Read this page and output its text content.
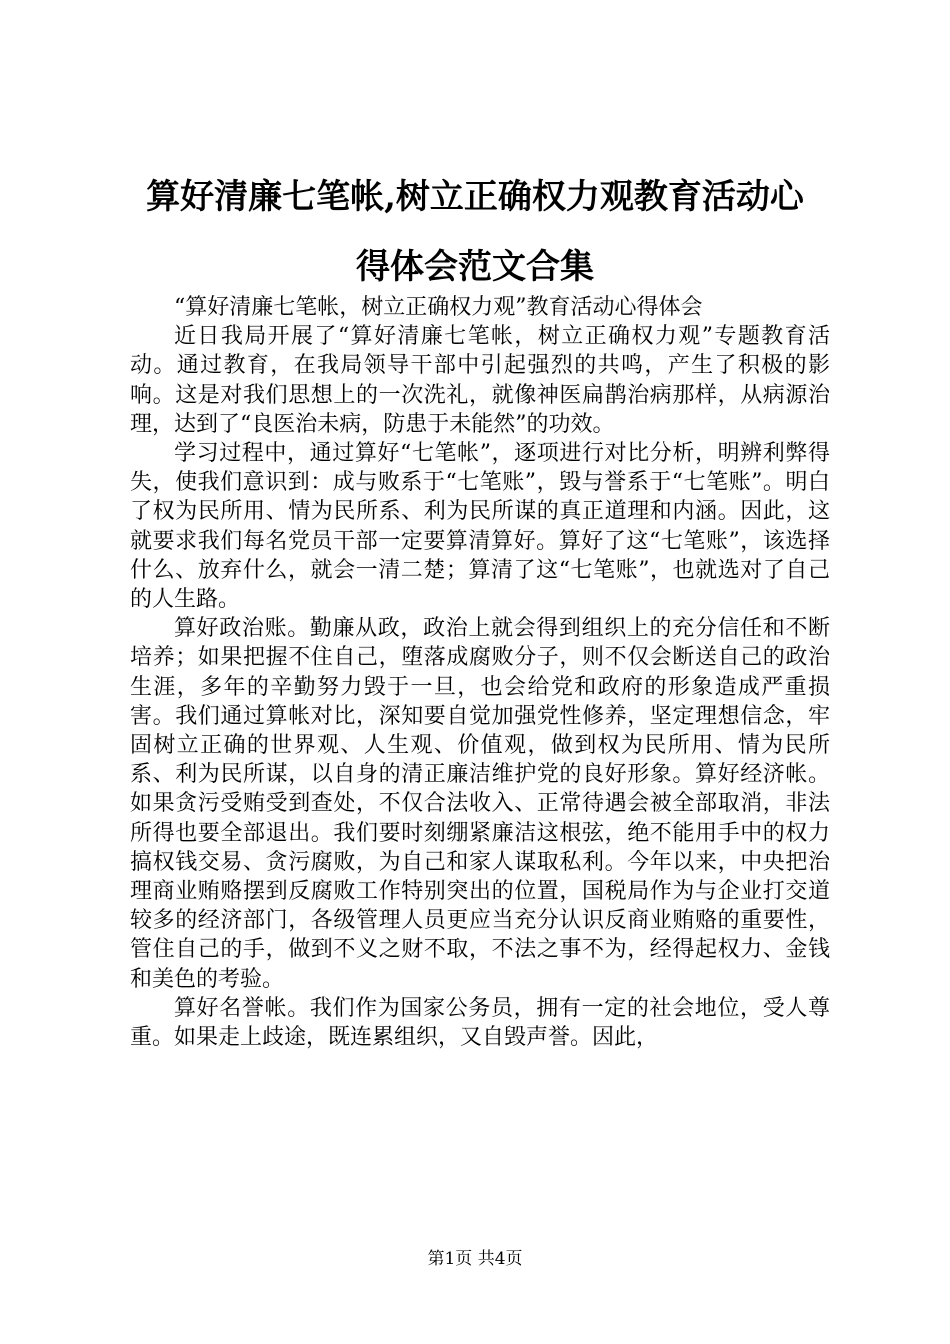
算好清廉七笔帐,树立正确权力观教育活动心
得体会范文合集

“算好清廉七笔帐，树立正确权力观”教育活动心得体会

近日我局开展了“算好清廉七笔帐，树立正确权力观”专题教育活动。通过教育，在我局领导干部中引起强烈的共鸣，产生了积极的影响。这是对我们思想上的一次洗礼，就像神医扁鹊治病那样，从病源治理，达到了“良医治未病，防患于未能然”的功效。

学习过程中，通过算好“七笔帐”，逐项进行对比分析，明辨利弊得失，使我们意识到：成与败系于“七笔账”，毁与誉系于“七笔账”。明白了权为民所用、情为民所系、利为民所谋的真正道理和内涵。因此，这就要求我们每名党员干部一定要算清算好。算好了这“七笔账”，该选择什么、放弃什么，就会一清二楚；算清了这“七笔账”，也就选对了自己的人生路。

算好政治账。勤廉从政，政治上就会得到组织上的充分信任和不断培养；如果把握不住自己，堕落成腐败分子，则不仅会断送自己的政治生涯，多年的辛勤努力毁于一旦，也会给党和政府的形象造成严重损害。我们通过算帐对比，深知要自觉加强党性修养，坚定理想信念，牢固树立正确的世界观、人生观、价值观，做到权为民所用、情为民所系、利为民所谋，以自身的清正廉洁维护党的良好形象。算好经济帐。如果贪污受贿受到查处，不仅合法收入、正常待遇会被全部取消，非法所得也要全部退出。我们要时刻绷紧廉洁这根弦，绝不能用手中的权力搞权钱交易、贪污腐败，为自己和家人谋取私利。今年以来，中央把治理商业贿赂摆到反腐败工作特别突出的位置，国税局作为与企业打交道较多的经济部门，各级管理人员更应当充分认识反商业贿赂的重要性，管住自己的手，做到不义之财不取，不法之事不为，经得起权力、金钱和美色的考验。

算好名誉帐。我们作为国家公务员，拥有一定的社会地位，受人尊重。如果走上歧途，既连累组织，又自毁声誉。因此，

第1页 共4页
